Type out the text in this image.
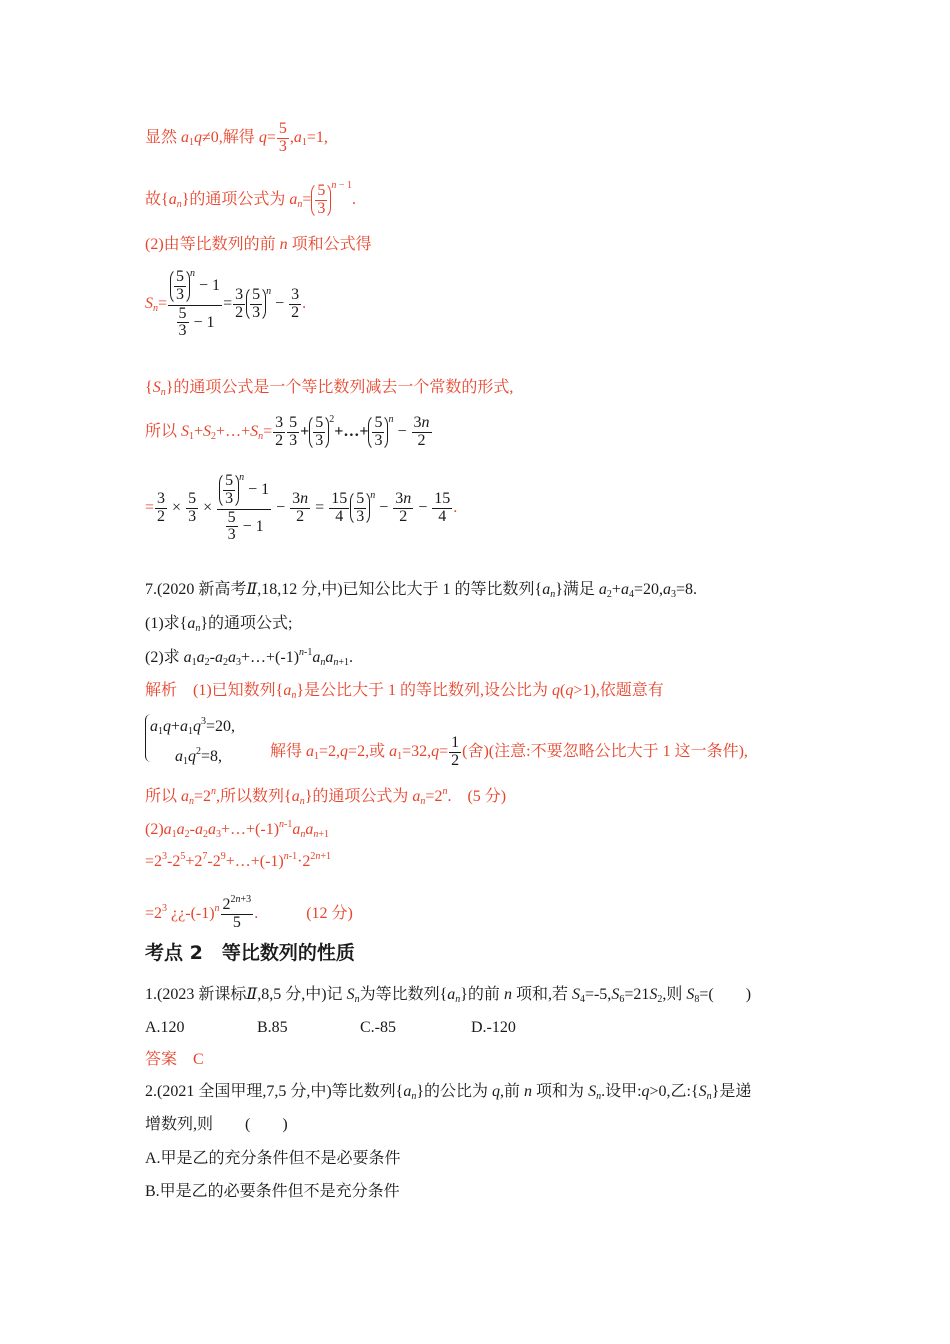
显然 $a_1q\ne 0$,解得 $q= \frac{5}{3} ,a_1=1$,
故$\{a_n\}$的通项公式为 $a_n= \frac{5}{3} ^{n - 1}$.
(2)由等比数列的前 n 项和公式得
$S_n= \frac{\frac{5}{3} ^n - 1}{\frac{5}{3} - 1} = \frac{3}{2} \frac{5}{3} ^n - \frac{3}{2}$ .
$\{S_n\}$的通项公式是一个等比数列减去一个常数的形式,
所以 $S_1+S_2+\dots+S_n= \frac{3}{2} \frac{5}{3} + \frac{5}{3}$ $^2$+…+ $\frac{5}{3} ^n - \frac{3n}{2}$
= $\frac{3}{2} \times \frac{5}{3} \times \frac{\frac{5}{3} ^n - 1}{\frac{5}{3} - 1} - \frac{3n}{2} = \frac{15}{4} \frac{5}{3} ^n - \frac{3n}{2} - \frac{15}{4}$ .
7.(2020 新高考Ⅱ,18,12 分,中)已知公比大于 1 的等比数列$\{a_n\}$满足 $a_2+a_4=20,a_3=8$.
(1)求$\{a_n\}$的通项公式;
(2)求 $a_1a_2-a_2a_3+\dots+(-1)^{n-1}a_na_{n+1}$.
解析　(1)已知数列$\{a_n\}$是公比大于 1 的等比数列,设公比为 q(q>1),依题意有
$a_1q+a_1q^3=20$,
$a_1q^2=8$,	解得 $a_1=2,q=2$,或 $a_1=32,q= \frac{1}{2}$ (舍)(注意:不要忽略公比大于 1 这一条件),
所以 $a_n=2^n$,所以数列$\{a_n\}$的通项公式为 $a_n=2^n$.　(5 分)
$(2)a_1a_2-a_2a_3+\dots+(-1)^{n-1}a_na_{n+1}$
$=2^3-2^5+2^7-2^9+\dots+(-1)^{n-1}\cdot 2^{2n+1}$
$=2^3$ ¿¿$-(-1)^n \frac{2^{2n+3}}{5}$ .　　　(12 分)
考点 2　等比数列的性质
1.(2023 新课标Ⅱ,8,5 分,中)记 $S_n$为等比数列$\{a_n\}$的前 n 项和,若 $S_4=-5,S_6=21S_2$,则 $S_8=$(　　)
A.120	B.85	C.-85	D.-120
答案　C
2.(2021 全国甲理,7,5 分,中)等比数列$\{a_n\}$的公比为 q,前 n 项和为 $S_n$.设甲:q>0,乙$:\{S_n\}$是递
增数列,则　　(　　)
A.甲是乙的充分条件但不是必要条件
B.甲是乙的必要条件但不是充分条件
